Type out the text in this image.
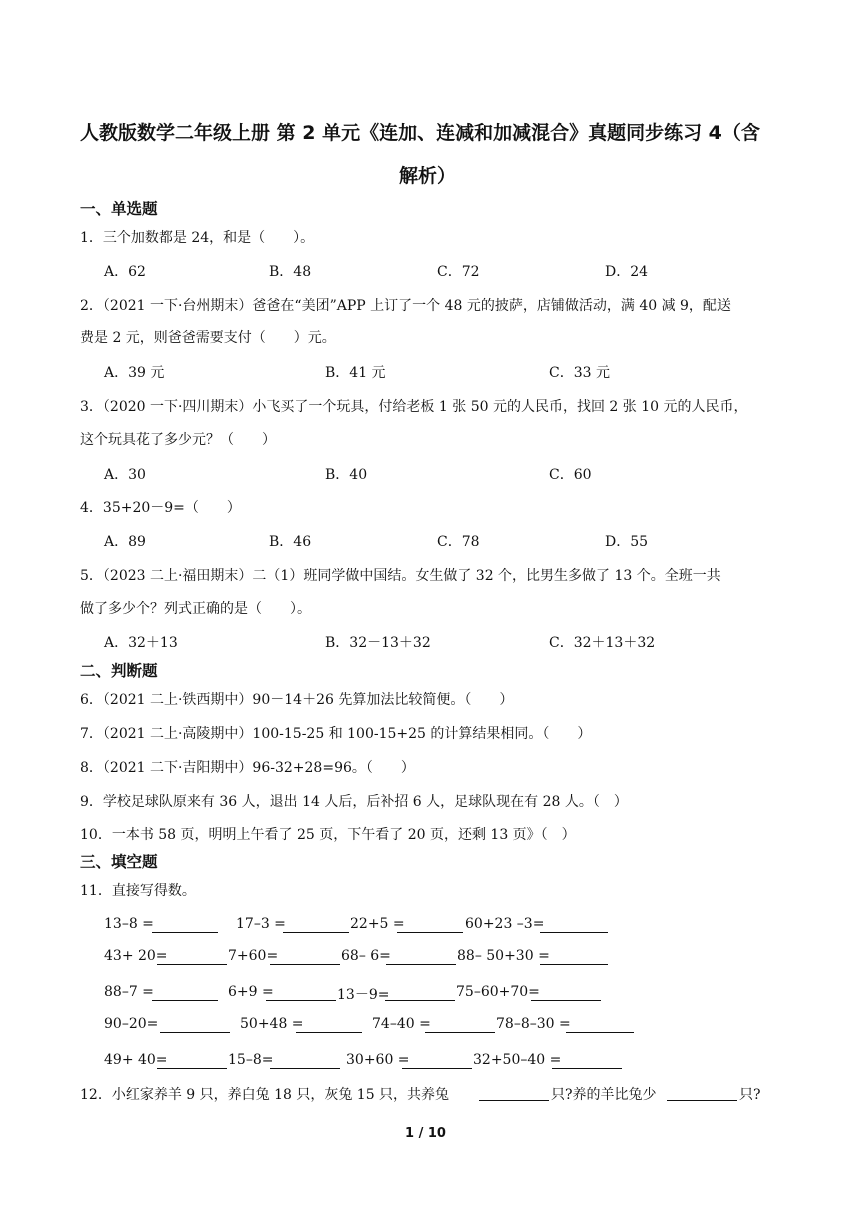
人教版数学二年级上册 第 2 单元《连加、连减和加减混合》真题同步练习 4（含
解析）
一、单选题
1．三个加数都是 24，和是（　　）。
A．62	B．48	C．72	D．24
2．（2021 一下·台州期末）爸爸在“美团”APP 上订了一个 48 元的披萨，店铺做活动，满 40 减 9，配送
费是 2 元，则爸爸需要支付（　　）元。
A．39 元	B．41 元	C．33 元
3．（2020 一下·四川期末）小飞买了一个玩具，付给老板 1 张 50 元的人民币，找回 2 张 10 元的人民币，
这个玩具花了多少元？（　　）
A．30	B．40	C．60
4．35+20－9=（　　）
A．89	B．46	C．78	D．55
5．（2023 二上·福田期末）二（1）班同学做中国结。女生做了 32 个，比男生多做了 13 个。全班一共
做了多少个？列式正确的是（　　）。
A．32＋13	B．32－13＋32	C．32＋13＋32
二、判断题
6．（2021 二上·铁西期中）90－14＋26 先算加法比较简便。（　　）
7．（2021 二上·高陵期中）100-15-25 和 100-15+25 的计算结果相同。（　　）
8．（2021 二下·吉阳期中）96-32+28=96。（　　）
9．学校足球队原来有 36 人，退出 14 人后，后补招 6 人，足球队现在有 28 人。（　）
10．一本书 58 页，明明上午看了 25 页，下午看了 20 页，还剩 13 页》（　）
三、填空题
11．直接写得数。
13–8 =	17–3 =	22+5 =	60+23 –3=
43+ 20=	7+60=	68– 6=	88– 50+30 =
88–7 =	6+9 =	13－9=	75–60+70=
90–20=	50+48 =	74–40 =	78–8–30 =
49+ 40=	15–8=	30+60 =	32+50–40 =
12．小红家养羊 9 只，养白兔 18 只，灰兔 15 只，共养兔	只?养的羊比兔少	只?
1 / 10
